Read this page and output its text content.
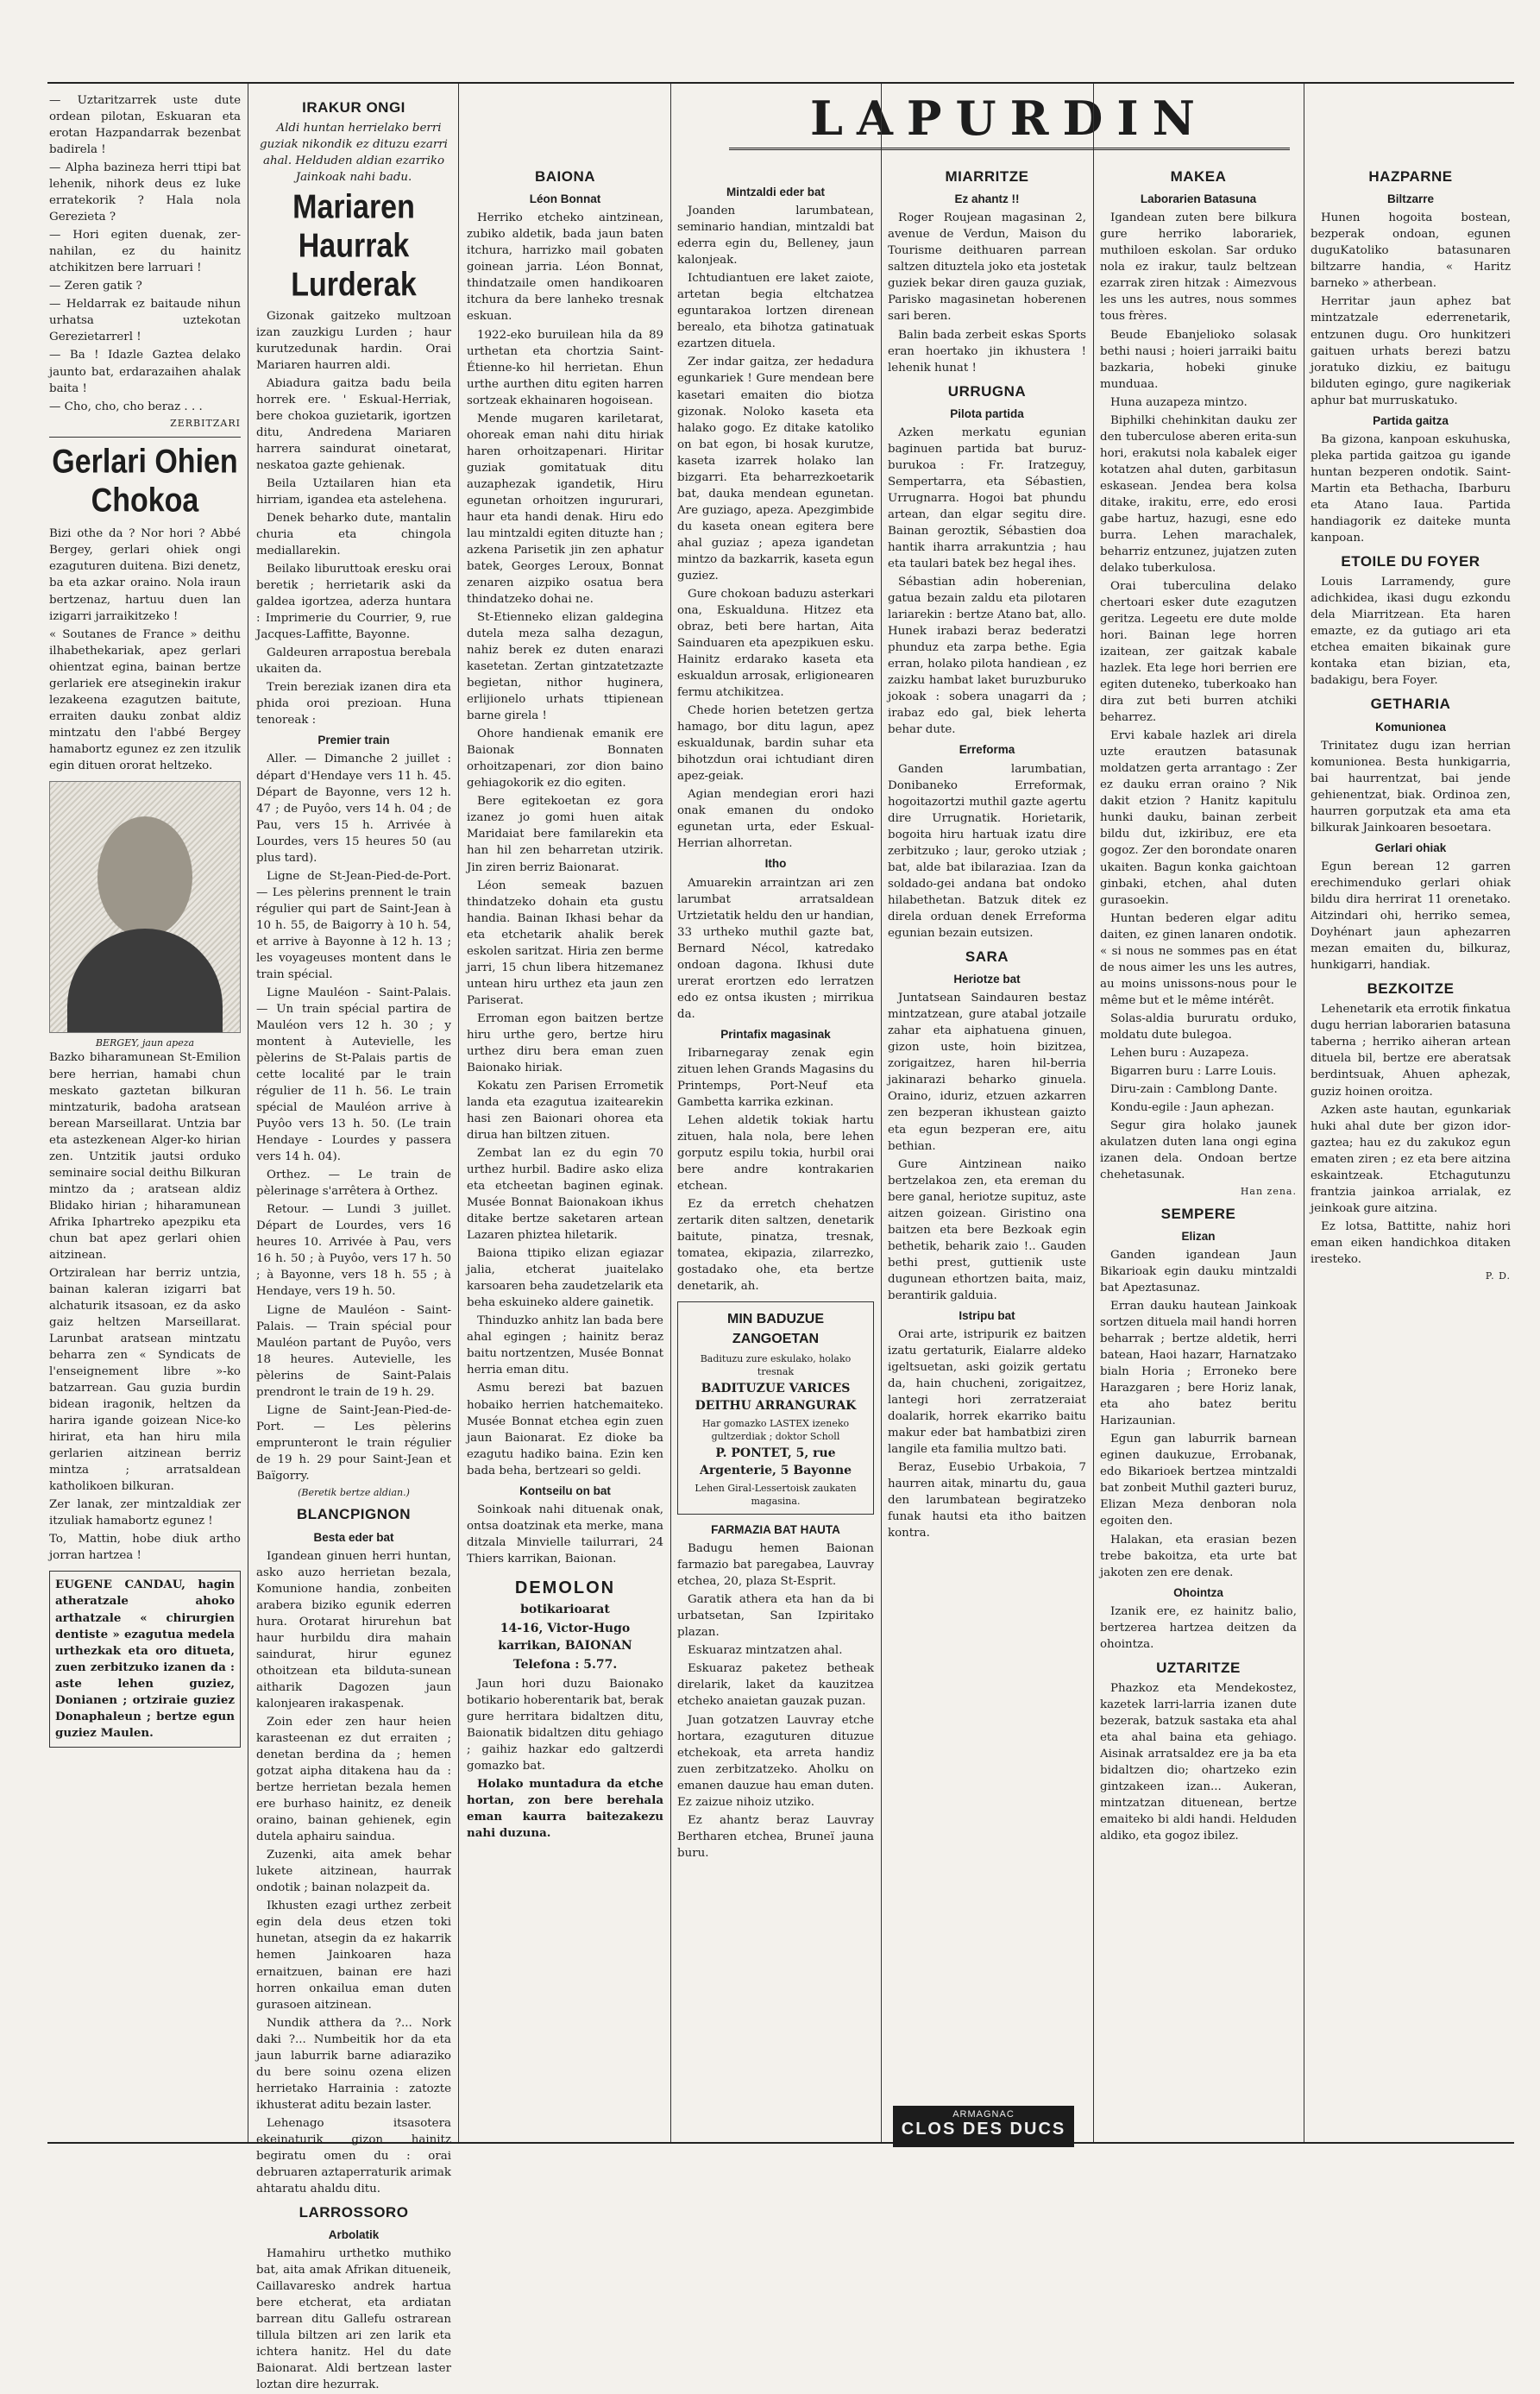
LAPURDIN

— Uztaritzarrek uste dute ordean pilotan, Eskuaran eta erotan Hazpandarrak bezenbat badirela !

— Alpha bazineza herri ttipi bat lehenik, nihork deus ez luke erratekorik ? Hala nola Gerezieta ?

— Hori egiten duenak, zer-nahilan, ez du hainitz atchikitzen bere larruari !

— Zeren gatik ?

— Heldarrak ez baitaude nihun urhatsa uztekotan Gerezietarrerl !

— Ba ! Idazle Gaztea delako jaunto bat, erdarazaihen ahalak baita !

— Cho, cho, cho beraz . . .

ZERBITZARI
Gerlari Ohien Chokoa

Bizi othe da ? Nor hori ? Abbé Bergey, gerlari ohiek ongi ezaguturen duitena. Bizi denetz, ba eta azkar oraino. Nola iraun bertzenaz, hartuu duen lan izigarri jarraikitzeko !

« Soutanes de France » deithu ilhabethekariak, apez gerlari ohientzat egina, bainan bertze gerlariek ere atseginekin irakur lezakeena ezagutzen baitute, erraiten dauku zonbat aldiz mintzatu den l'abbé Bergey hamabortz egunez ez zen itzulik egin dituen ororat heltzeko.

BERGEY, jaun apeza

Bazko biharamunean St-Emilion bere herrian, hamabi chun meskato gaztetan bilkuran mintzaturik, badoha aratsean berean Marseillarat. Untzia bar eta astezkenean Alger-ko hirian zen. Untzitik jautsi orduko seminaire social deithu Bilkuran mintzo da ; aratsean aldiz Blidako hirian ; hiharamunean Afrika Iphartreko apezpiku eta chun bat apez gerlari ohien aitzinean.

Ortziralean har berriz untzia, bainan kaleran izigarri bat alchaturik itsasoan, ez da asko gaiz heltzen Marseillarat. Larunbat aratsean mintzatu beharra zen « Syndicats de l'enseignement libre »-ko batzarrean. Gau guzia burdin bidean iragonik, heltzen da harira igande goizean Nice-ko hirirat, eta han hiru mila gerlarien aitzinean berriz mintza ; arratsaldean katholikoen bilkuran.

Zer lanak, zer mintzaldiak zer itzuliak hamabortz egunez !

To, Mattin, hobe diuk artho jorran hartzea !

EUGENE CANDAU, hagin atheratzale ahoko arthatzale « chirurgien dentiste » ezagutua medela urthezkak eta oro ditueta, zuen zerbitzuko izanen da : aste lehen guziez, Donianen ; ortziraie guziez Donaphaleun ; bertze egun guziez Maulen.
IRAKUR ONGI

Aldi huntan herrielako berri guziak nikondik ez dituzu ezarri ahal. Helduden aldian ezarriko Jainkoak nahi badu.

Mariaren Haurrak Lurderak

Gizonak gaitzeko multzoan izan zauzkigu Lurden ; haur kurutzedunak hardin. Orai Mariaren haurren aldi.

Abiadura gaitza badu beila horrek ere. ' Eskual-Herriak, bere chokoa guzietarik, igortzen ditu, Andredena Mariaren harrera saindurat oinetarat, neskatoa gazte gehienak.

Beila Uztailaren hian eta hirriam, igandea eta astelehena.

Denek beharko dute, mantalin churia eta chingola mediallarekin.

Beilako liburuttoak eresku orai beretik ; herrietarik aski da galdea igortzea, aderza huntara : Imprimerie du Courrier, 9, rue Jacques-Laffitte, Bayonne.

Galdeuren arrapostua berebala ukaiten da.

Trein bereziak izanen dira eta phida oroi prezioan. Huna tenoreak :

Premier train

Aller. — Dimanche 2 juillet : départ d'Hendaye vers 11 h. 45. Départ de Bayonne, vers 12 h. 47 ; de Puyôo, vers 14 h. 04 ; de Pau, vers 15 h. Arrivée à Lourdes, vers 15 heures 50 (au plus tard).

Ligne de St-Jean-Pied-de-Port. — Les pèlerins prennent le train régulier qui part de Saint-Jean à 10 h. 55, de Baigorry à 10 h. 54, et arrive à Bayonne à 12 h. 13 ; les voyageuses montent dans le train spécial.

Ligne Mauléon - Saint-Palais. — Un train spécial partira de Mauléon vers 12 h. 30 ; y montent à Autevielle, les pèlerins de St-Palais partis de cette localité par le train régulier de 11 h. 56. Le train spécial de Mauléon arrive à Puyôo vers 13 h. 50. (Le train Hendaye - Lourdes y passera vers 14 h. 04).

Orthez. — Le train de pèlerinage s'arrêtera à Orthez.

Retour. — Lundi 3 juillet. Départ de Lourdes, vers 16 heures 10. Arrivée à Pau, vers 16 h. 50 ; à Puyôo, vers 17 h. 50 ; à Bayonne, vers 18 h. 55 ; à Hendaye, vers 19 h. 50.

Ligne de Mauléon - Saint-Palais. — Train spécial pour Mauléon partant de Puyôo, vers 18 heures. Autevielle, les pèlerins de Saint-Palais prendront le train de 19 h. 29.

Ligne de Saint-Jean-Pied-de-Port. — Les pèlerins emprunteront le train régulier de 19 h. 29 pour Saint-Jean et Baïgorry.

(Beretik bertze aldian.)
BLANCPIGNON
Besta eder bat

Igandean ginuen herri huntan, asko auzo herrietan bezala, Komunione handia, zonbeiten arabera biziko egunik ederren hura. Orotarat hirurehun bat haur hurbildu dira mahain saindurat, hirur egunez othoitzean eta bilduta-sunean aitharik Dagozen jaun kalonjearen irakaspenak.

Zoin eder zen haur heien karasteenan ez dut erraiten ; denetan berdina da ; hemen gotzat aipha ditakena hau da : bertze herrietan bezala hemen ere burhaso hainitz, ez deneik oraino, bainan gehienek, egin dutela aphairu saindua.

Zuzenki, aita amek behar lukete aitzinean, haurrak ondotik ; bainan nolazpeit da.

Ikhusten ezagi urthez zerbeit egin dela deus etzen toki hunetan, atsegin da ez hakarrik hemen Jainkoaren haza ernaitzuen, bainan ere hazi horren onkailua eman duten gurasoen aitzinean.

Nundik atthera da ?... Nork daki ?... Numbeitik hor da eta jaun laburrik barne adiaraziko du bere soinu ozena elizen herrietako Harrainia : zatozte ikhusterat aditu bezain laster.

Lehenago itsasotera ekeinaturik gizon hainitz begiratu omen du : orai debruaren aztaperraturik arimak ahtaratu ahaldu ditu.

LARROSSORO
Arbolatik

Hamahiru urthetko muthiko bat, aita amak Afrikan ditueneik, Caillavaresko andrek hartua bere etcherat, eta ardiatan barrean ditu Gallefu ostrarean tillula biltzen ari zen larik eta ichtera hanitz. Hel du date Baionarat. Aldi bertzean laster loztan dire hezurrak.

BAIONA
Léon Bonnat

Herriko etcheko aintzinean, zubiko aldetik, bada jaun baten itchura, harrizko mail gobaten goinean jarria. Léon Bonnat, thindatzaile omen handikoaren itchura da bere lanheko tresnak eskuan.

1922-eko buruilean hila da 89 urthetan eta chortzia Saint-Étienne-ko hil herrietan. Ehun urthe aurthen ditu egiten harren sortzeak ekhainaren hogoisean.

Mende mugaren kariletarat, ohoreak eman nahi ditu hiriak haren orhoitzapenari. Hiritar guziak gomitatuak ditu auzaphezak igandetik, Hiru egunetan orhoitzen ingururari, haur eta handi denak. Hiru edo lau mintzaldi egiten dituzte han ; azkena Parisetik jin zen aphatur batek, Georges Leroux, Bonnat zenaren aizpiko osatua bera thindatzeko dohai ne.

St-Etienneko elizan galdegina dutela meza salha dezagun, nahiz berek ez duten enarazi kasetetan. Zertan gintzatetzazte begietan, nithor huginera, erlijionelo urhats ttipienean barne girela !

Ohore handienak emanik ere Baionak Bonnaten orhoitzapenari, zor dion baino gehiagokorik ez dio egiten.

Bere egitekoetan ez gora izanez jo gomi huen aitak Maridaiat bere familarekin eta han hil zen beharretan utzirik. Jin ziren berriz Baionarat.

Léon semeak bazuen thindatzeko dohain eta gustu handia. Bainan Ikhasi behar da eta etchetarik ahalik berek eskolen saritzat. Hiria zen berme jarri, 15 chun libera hitzemanez untean hiru urthez eta jaun zen Pariserat.

Erroman egon baitzen bertze hiru urthe gero, bertze hiru urthez diru bera eman zuen Baionako hiriak.

Kokatu zen Parisen Errometik landa eta ezagutua izaitearekin hasi zen Baionari ohorea eta dirua han biltzen zituen.

Zembat lan ez du egin 70 urthez hurbil. Badire asko eliza eta etcheetan baginen eginak. Musée Bonnat Baionakoan ikhus ditake bertze saketaren artean Lazaren phiztea hiletarik.

Baiona ttipiko elizan egiazar jalia, etcherat juaitelako karsoaren beha zaudetzelarik eta beha eskuineko aldere gainetik.

Thinduzko anhitz lan bada bere ahal egingen ; hainitz beraz baitu nortzentzen, Musée Bonnat herria eman ditu.

Asmu berezi bat bazuen hobaiko herrien hatchemaiteko. Musée Bonnat etchea egin zuen jaun Baionarat. Ez dioke ba ezagutu hadiko baina. Ezin ken bada beha, bertzeari so geldi.

Kontseilu on bat

Soinkoak nahi dituenak onak, ontsa doatzinak eta merke, mana ditzala Minvielle tailurrari, 24 Thiers karrikan, Baionan.

DEMOLON
botikarioarat
14-16, Victor-Hugo karrikan, BAIONAN
Telefona : 5.77.

Jaun hori duzu Baionako botikario hoberentarik bat, berak gure herritara bidaltzen ditu, Baionatik bidaltzen ditu gehiago ; gaihiz hazkar edo galtzerdi gomazko bat.

Holako muntadura da etche hortan, zon bere berehala eman kaurra baitezakezu nahi duzuna.

Mintzaldi eder bat

Joanden larumbatean, seminario handian, mintzaldi bat ederra egin du, Belleney, jaun kalonjeak.

Ichtudiantuen ere laket zaiote, artetan begia eltchatzea eguntarakoa lortzen direnean berealo, eta bihotza gatinatuak ezartzen dituela.

Zer indar gaitza, zer hedadura egunkariek ! Gure mendean bere kasetari emaiten dio biotza gizonak. Noloko kaseta eta halako gogo. Ez ditake katoliko on bat egon, bi hosak kurutze, kaseta izarrek holako lan bizgarri. Eta beharrezkoetarik bat, dauka mendean egunetan. Are guziago, apeza. Apezgimbide du kaseta onean egitera bere ahal guziaz ; apeza igandetan mintzo da bazkarrik, kaseta egun guziez.

Gure chokoan baduzu asterkari ona, Eskualduna. Hitzez eta obraz, beti bere hartan, Aita Sainduaren eta apezpikuen esku. Hainitz erdarako kaseta eta eskualdun arrosak, erligionearen fermu atchikitzea.

Chede horien betetzen gertza hamago, bor ditu lagun, apez eskualdunak, bardin suhar eta bihotzdun orai ichtudiant diren apez-geiak.

Agian mendegian erori hazi onak emanen du ondoko egunetan urta, eder Eskual-Herrian alhorretan.

Itho

Amuarekin arraintzan ari zen larumbat arratsaldean Urtzietatik heldu den ur handian, 33 urtheko muthil gazte bat, Bernard Nécol, katredako ondoan dagona. Ikhusi dute urerat erortzen edo lerratzen edo ez ontsa ikusten ; mirrikua da.

Printafix magasinak

Iribarnegaray zenak egin zituen lehen Grands Magasins du Printemps, Port-Neuf eta Gambetta karrika ezkinan.

Lehen aldetik tokiak hartu zituen, hala nola, bere lehen gorputz espilu tokia, hurbil orai bere andre kontrakarien etchean.

Ez da erretch chehatzen zertarik diten saltzen, denetarik baitute, pinatza, tresnak, tomatea, ekipazia, zilarrezko, gostadako ohe, eta bertze denetarik, ah.

MIN BADUZUE ZANGOETAN
Badituzu zure eskulako, holako tresnak
BADITUZUE VARICES DEITHU ARRANGURAK
Har gomazko LASTEX izeneko gultzerdiak ; doktor Scholl
P. PONTET, 5, rue Argenterie, 5 Bayonne
Lehen Giral-Lessertoisk zaukaten magasina.
FARMAZIA BAT HAUTA

Badugu hemen Baionan farmazio bat paregabea, Lauvray etchea, 20, plaza St-Esprit.

Garatik athera eta han da bi urbatsetan, San Izpiritako plazan.

Eskuaraz mintzatzen ahal.

Eskuaraz paketez betheak direlarik, laket da kauzitzea etcheko anaietan gauzak puzan.

Juan gotzatzen Lauvray etche hortara, ezaguturen dituzue etchekoak, eta arreta handiz zuen zerbitzatzeko. Aholku on emanen dauzue hau eman duten. Ez zaizue nihoiz utziko.

Ez ahantz beraz Lauvray Bertharen etchea, Bruneï jauna buru.

MIARRITZE
Ez ahantz !!

Roger Roujean magasinan 2, avenue de Verdun, Maison du Tourisme deithuaren parrean saltzen dituztela joko eta jostetak guziek bekar diren gauza guziak, Parisko magasinetan hoberenen sari beren.

Balin bada zerbeit eskas Sports eran hoertako jin ikhustera ! lehenik hunat !

URRUGNA
Pilota partida

Azken merkatu egunian baginuen partida bat buruz-burukoa : Fr. Iratzeguy, Sempertarra, eta Sébastien, Urrugnarra. Hogoi bat phundu artean, dan elgar segitu dire. Bainan geroztik, Sébastien doa hantik iharra arrakuntzia ; hau eta taulari batek bez hegal ihes.

Sébastian adin hoberenian, gatua bezain zaldu eta pilotaren lariarekin : bertze Atano bat, allo. Hunek irabazi beraz bederatzi phunduz eta zarpa bethe. Egia erran, holako pilota handiean , ez zaizku hambat laket buruzburuko jokoak : sobera unagarri da ; irabaz edo gal, biek leherta behar dute.

Erreforma

Ganden larumbatian, Donibaneko Erreformak, hogoitazortzi muthil gazte agertu dire Urrugnatik. Horietarik, bogoita hiru hartuak izatu dire zerbitzuko ; laur, geroko utziak ; bat, alde bat ibilaraziaa. Izan da soldado-gei andana bat ondoko hilabethetan. Batzuk ditek ez direla orduan denek Erreforma egunian bezain eutsizen.

SARA
Heriotze bat

Juntatsean Saindauren bestaz mintzatzean, gure atabal jotzaile zahar eta aiphatuena ginuen, gizon uste, hoin bizitzea, zorigaitzez, haren hil-berria jakinarazi beharko ginuela. Oraino, iduriz, etzuen azkarren zen bezperan ikhustean gaizto eta egun bezperan ere, aitu bethian.

Gure Aintzinean naiko bertzelakoa zen, eta ereman du bere ganal, heriotze supituz, aste aitzen goizean. Giristino ona baitzen eta bere Bezkoak egin bethetik, beharik zaio !.. Gauden bethi prest, guttienik uste dugunean ethortzen baita, maiz, berantirik galduia.

Istripu bat

Orai arte, istripurik ez baitzen izatu gertaturik, Eialarre aldeko igeltsuetan, aski goizik gertatu da, hain chucheni, zorigaitzez, lantegi hori zerratzeraiat doalarik, horrek ekarriko baitu makur eder bat hambatbizi ziren langile eta familia multzo bati.

Beraz, Eusebio Urbakoia, 7 haurren aitak, minartu du, gaua den larumbatean begiratzeko funak hautsi eta itho baitzen kontra.

MAKEA
Laborarien Batasuna

Igandean zuten bere bilkura gure herriko laborariek, muthiloen eskolan. Sar orduko nola ez irakur, taulz beltzean ezarrak ziren hitzak : Aimezvous les uns les autres, nous sommes tous frères.

Beude Ebanjelioko solasak bethi nausi ; hoieri jarraiki baitu bazkaria, hobeki ginuke munduaa.

Huna auzapeza mintzo.

Biphilki chehinkitan dauku zer den tuberculose aberen erita-sun hori, erakutsi nola kabalek eiger kotatzen ahal duten, garbitasun eskasean. Jendea bera kolsa ditake, irakitu, erre, edo erosi gabe hartuz, hazugi, esne edo burra. Lehen marachalek, beharriz entzunez, jujatzen zuten delako tuberkulosa.

Orai tuberculina delako chertoari esker dute ezagutzen geritza. Legeetu ere dute molde hori. Bainan lege horren izaitean, zer gaitzak kabale hazlek. Eta lege hori berrien ere egiten duteneko, tuberkoako han dira zut beti burren atchiki beharrez.

Ervi kabale hazlek ari direla uzte erautzen batasunak moldatzen gerta arrantago : Zer ez dauku erran oraino ? Nik dakit etzion ? Hanitz kapitulu hunki dauku, bainan zerbeit bildu dut, izkiribuz, ere eta gogoz. Zer den borondate onaren ukaiten. Bagun konka gaichtoan ginbaki, etchen, ahal duten gurasoekin.

Huntan bederen elgar aditu daiten, ez ginen lanaren ondotik. « si nous ne sommes pas en état de nous aimer les uns les autres, au moins unissons-nous pour le même but et le même intérêt.

Solas-aldia bururatu orduko, moldatu dute bulegoa.

Lehen buru : Auzapeza.

Bigarren buru : Larre Louis.

Diru-zain : Camblong Dante.

Kondu-egile : Jaun aphezan.

Segur gira holako jaunek akulatzen duten lana ongi egina izanen dela. Ondoan bertze chehetasunak.

Han zena.
SEMPERE
Elizan

Ganden igandean Jaun Bikarioak egin dauku mintzaldi bat Apeztasunaz.

Erran dauku hautean Jainkoak sortzen dituela mail handi horren beharrak ; bertze aldetik, herri batean, Haoi hazarr, Harnatzako bialn Horia ; Erroneko bere Harazgaren ; bere Horiz lanak, eta aho batez beritu Harizaunian.

Egun gan laburrik barnean eginen daukuzue, Errobanak, edo Bikarioek bertzea mintzaldi bat zonbeit Muthil gazteri buruz, Elizan Meza denboran nola egoiten den.

Halakan, eta erasian bezen trebe bakoitza, eta urte bat jakoten zen ere denak.

Ohointza

Izanik ere, ez hainitz balio, bertzerea hartzea deitzen da ohointza.

UZTARITZE

Phazkoz eta Mendekostez, kazetek larri-larria izanen dute bezerak, batzuk sastaka eta ahal eta ahal baina eta gehiago. Aisinak arratsaldez ere ja ba eta bidaltzen dio; ohartzeko ezin gintzakeen izan... Aukeran, mintzatzan dituenean, bertze emaiteko bi aldi handi. Helduden aldiko, eta gogoz ibilez.

HAZPARNE
Biltzarre

Hunen hogoita bostean, bezperak ondoan, egunen duguKatoliko batasunaren biltzarre handia, « Haritz barneko » atherbean.

Herritar jaun aphez bat mintzatzale ederrenetarik, entzunen dugu. Oro hunkitzeri gaituen urhats berezi batzu joratuko dizkiu, ez baitugu bilduten egingo, gure nagikeriak aphur bat murruskatuko.

Partida gaitza

Ba gizona, kanpoan eskuhuska, pleka partida gaitzoa gu igande huntan bezperen ondotik. Saint-Martin eta Bethacha, Ibarburu eta Atano Iaua. Partida handiagorik ez daiteke munta kanpoan.

ETOILE DU FOYER

Louis Larramendy, gure adichkidea, ikasi dugu ezkondu dela Miarritzean. Eta haren emazte, ez da gutiago ari eta etchea emaiten bikainak gure kontaka etan bizian, eta, badakigu, bera Foyer.

GETHARIA
Komunionea

Trinitatez dugu izan herrian komunionea. Besta hunkigarria, bai haurrentzat, bai jende gehienentzat, biak. Ordinoa zen, haurren gorputzak eta ama eta bilkurak Jainkoaren besoetara.

Gerlari ohiak

Egun berean 12 garren erechimenduko gerlari ohiak bildu dira herrirat 11 orenetako. Aitzindari ohi, herriko semea, Doyhénart jaun aphezarren mezan emaiten du, bilkuraz, hunkigarri, handiak.

BEZKOITZE

Lehenetarik eta errotik finkatua dugu herrian laborarien batasuna taberna ; herriko aiheran artean dituela bil, bertze ere aberatsak berdintsuak, Ahuen aphezak, guziz hoinen oroitza.

Azken aste hautan, egunkariak huki ahal dute ber gizon idor-gaztea; hau ez du zakukoz egun ematen ziren ; ez eta bere aitzina eskaintzeak. Etchagutunzu frantzia jainkoa arrialak, ez jeinkoak gure aitzina.

Ez lotsa, Battitte, nahiz hori eman eiken handichkoa ditaken iresteko.

P. D.
ARMAGNAC
CLOS DES DUCS
